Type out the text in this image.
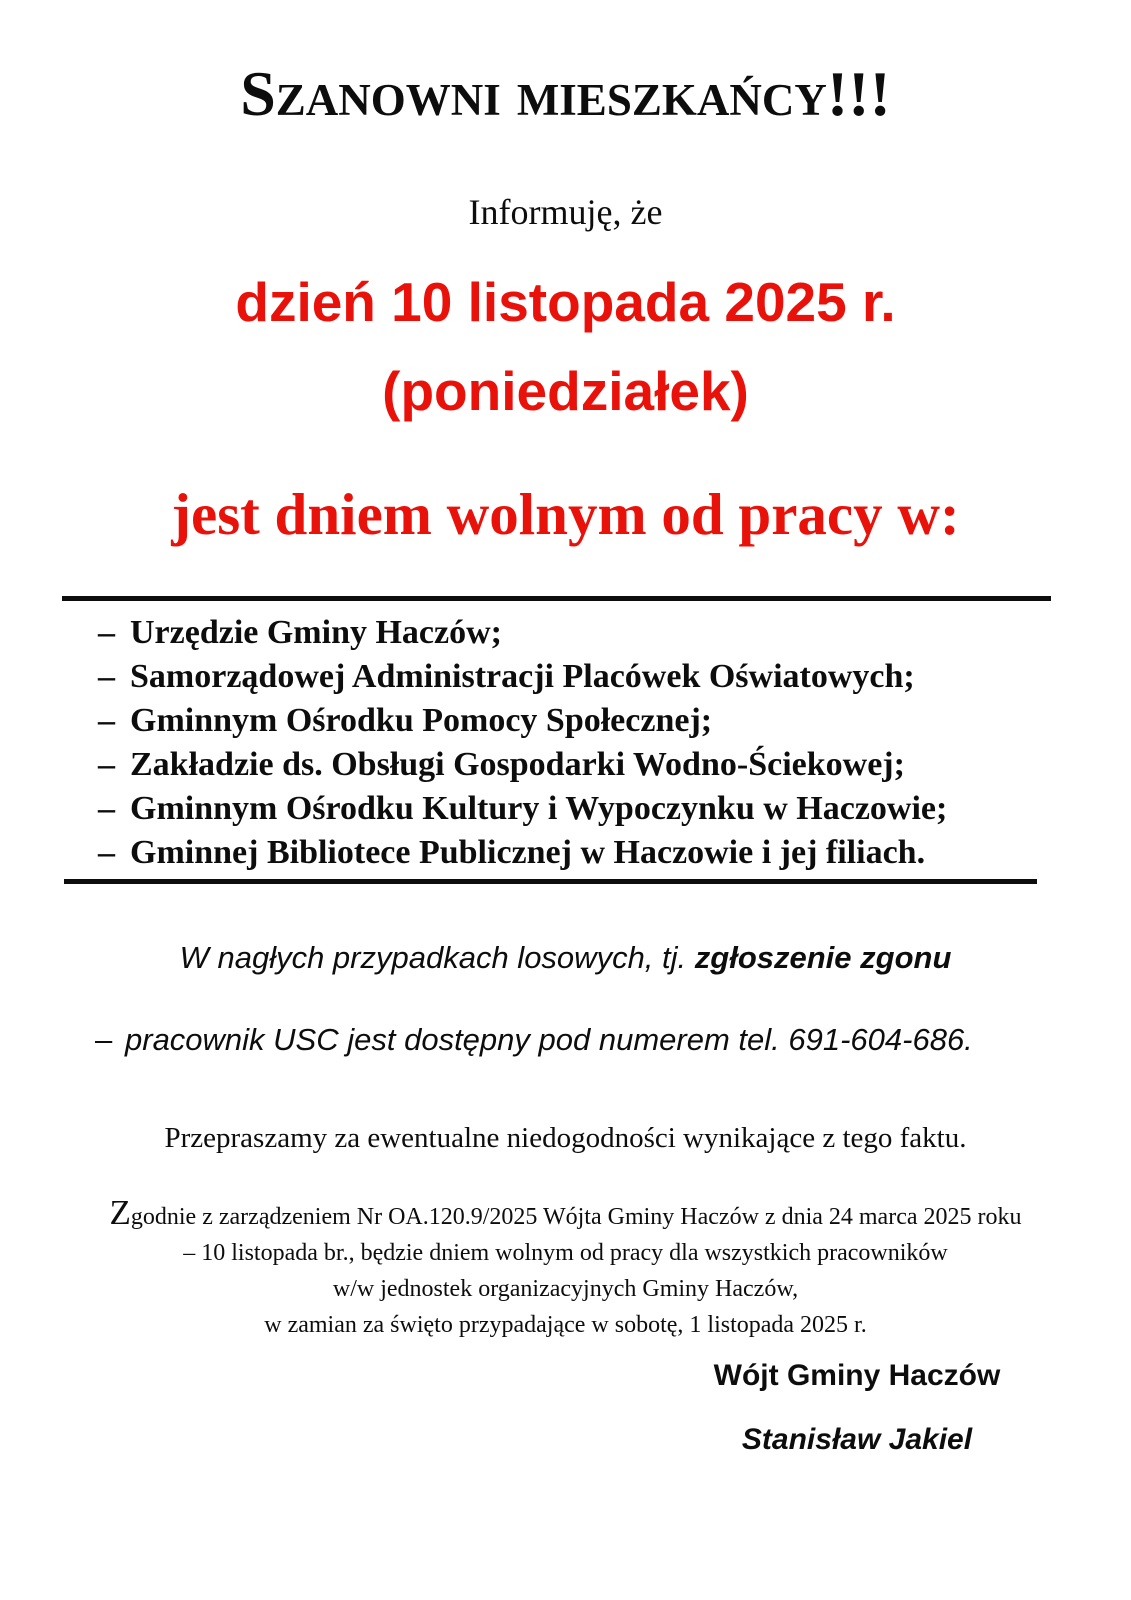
Szanowni mieszkańcy!!!

Informuję, że

dzień 10 listopada 2025 r.

(poniedziałek)

jest dniem wolnym od pracy w:

– Urzędzie Gminy Haczów;
– Samorządowej Administracji Placówek Oświatowych;
– Gminnym Ośrodku Pomocy Społecznej;
– Zakładzie ds. Obsługi Gospodarki Wodno-Ściekowej;
– Gminnym Ośrodku Kultury i Wypoczynku w Haczowie;
– Gminnej Bibliotece Publicznej w Haczowie i jej filiach.

W nagłych przypadkach losowych, tj. zgłoszenie zgonu

– pracownik USC jest dostępny pod numerem tel. 691-604-686.

Przepraszamy za ewentualne niedogodności wynikające z tego faktu.

Zgodnie z zarządzeniem Nr OA.120.9/2025 Wójta Gminy Haczów z dnia 24 marca 2025 roku
– 10 listopada br., będzie dniem wolnym od pracy dla wszystkich pracowników
w/w jednostek organizacyjnych Gminy Haczów,
w zamian za święto przypadające w sobotę, 1 listopada 2025 r.

Wójt Gminy Haczów

Stanisław Jakiel
